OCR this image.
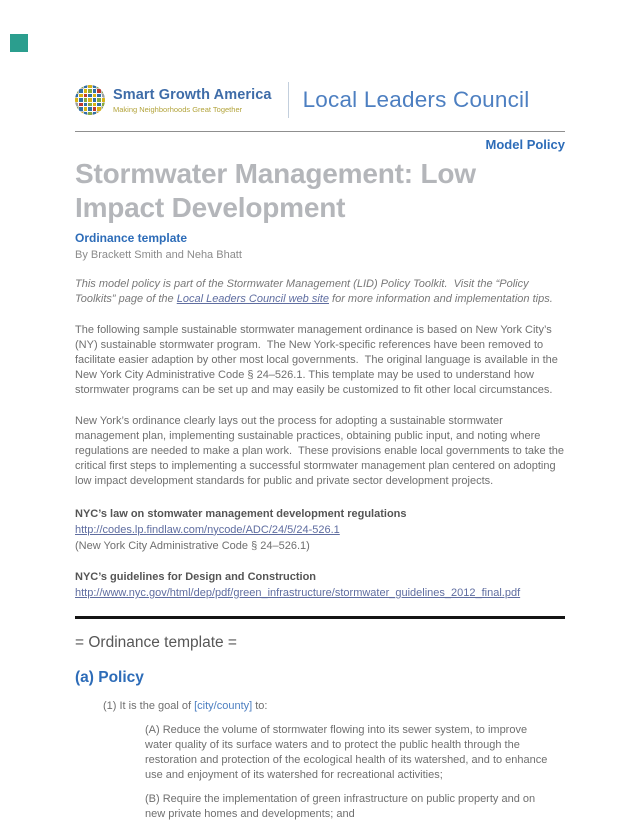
Smart Growth America
Making Neighborhoods Great Together	Local Leaders Council
Model Policy
Stormwater Management: Low Impact Development
Ordinance template
By Brackett Smith and Neha Bhatt

This model policy is part of the Stormwater Management (LID) Policy Toolkit.  Visit the “Policy Toolkits” page of the Local Leaders Council web site for more information and implementation tips.

The following sample sustainable stormwater management ordinance is based on New York City’s (NY) sustainable stormwater program.  The New York-specific references have been removed to facilitate easier adaption by other most local governments.  The original language is available in the New York City Administrative Code § 24–526.1. This template may be used to understand how stormwater programs can be set up and may easily be customized to fit other local circumstances.

New York’s ordinance clearly lays out the process for adopting a sustainable stormwater management plan, implementing sustainable practices, obtaining public input, and noting where regulations are needed to make a plan work.  These provisions enable local governments to take the critical first steps to implementing a successful stormwater management plan centered on adopting low impact development standards for public and private sector development projects.

NYC’s law on stomwater management development regulations
http://codes.lp.findlaw.com/nycode/ADC/24/5/24-526.1
(New York City Administrative Code § 24–526.1)
NYC’s guidelines for Design and Construction
http://www.nyc.gov/html/dep/pdf/green_infrastructure/stormwater_guidelines_2012_final.pdf
= Ordinance template =
(a) Policy
(1) It is the goal of [city/county] to:
(A) Reduce the volume of stormwater flowing into its sewer system, to improve water quality of its surface waters and to protect the public health through the restoration and protection of the ecological health of its watershed, and to enhance use and enjoyment of its watershed for recreational activities;
(B) Require the implementation of green infrastructure on public property and on new private homes and developments; and
